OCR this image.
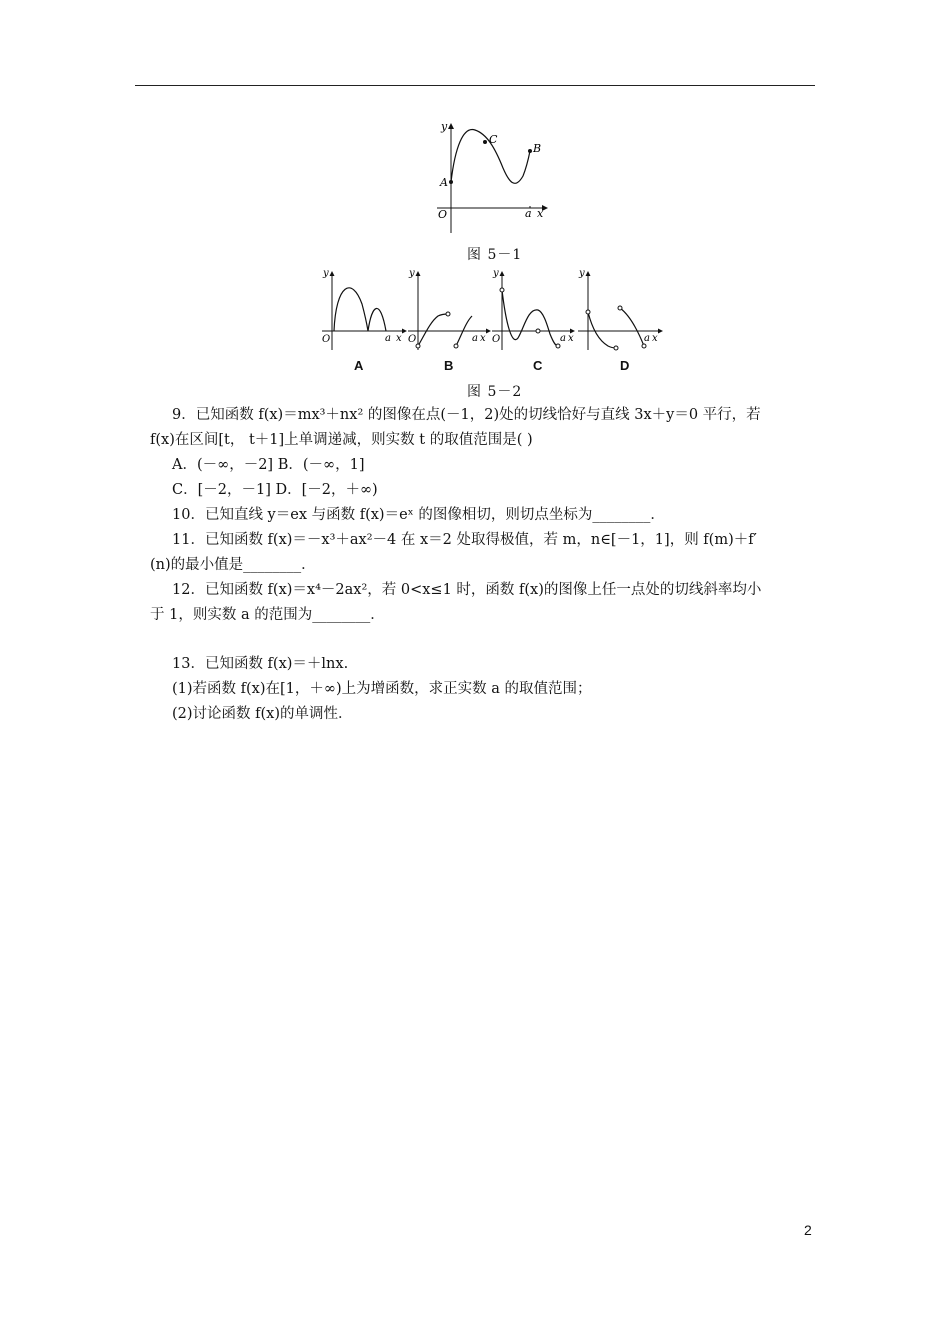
y
x
O	a
A
B
C
图 5－1
y
O	a x
y
O	a x
y
O	a x
y
a x
A	B	C	D
图 5－2
9．已知函数 f(x)＝mx³＋nx² 的图像在点(－1，2)处的切线恰好与直线 3x＋y＝0 平行，若
f(x)在区间[t， t＋1]上单调递减，则实数 t 的取值范围是( )
A．(－∞，－2] B．(－∞，1]
C．[－2，－1] D．[－2，＋∞)
10．已知直线 y＝ex 与函数 f(x)＝eˣ 的图像相切，则切点坐标为________．
11．已知函数 f(x)＝－x³＋ax²－4 在 x＝2 处取得极值，若 m，n∈[－1，1]，则 f(m)＋f′
(n)的最小值是________．
12．已知函数 f(x)＝x⁴－2ax²，若 0<x≤1 时，函数 f(x)的图像上任一点处的切线斜率均小
于 1，则实数 a 的范围为________．
13．已知函数 f(x)＝＋lnx.
(1)若函数 f(x)在[1，＋∞)上为增函数，求正实数 a 的取值范围；
(2)讨论函数 f(x)的单调性．
2
